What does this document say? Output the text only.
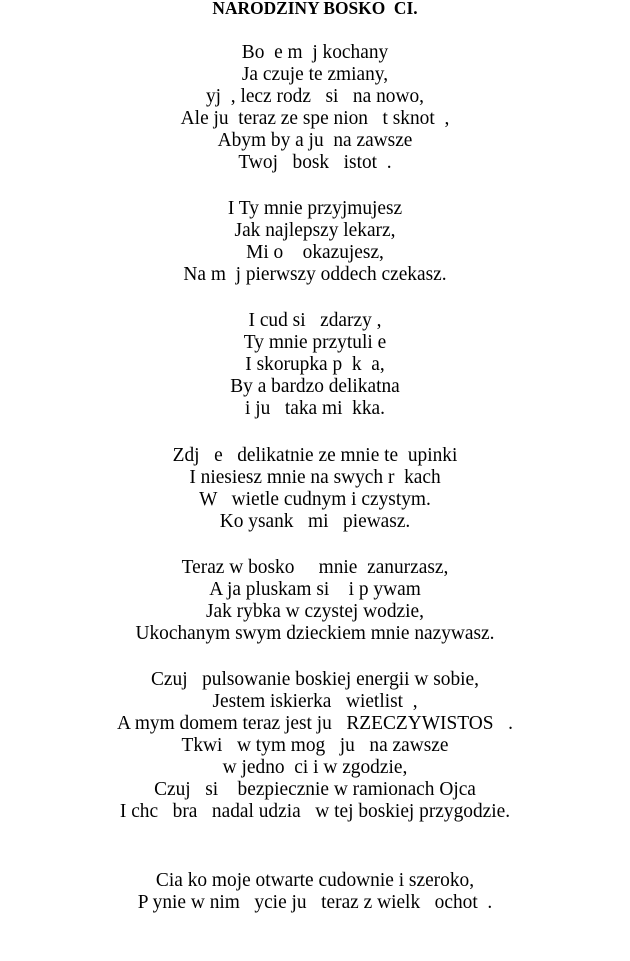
NARODZINY BOSKO  CI.
Bo  e m  j kochany
Ja czuje te zmiany,
yj  , lecz rodz   si   na nowo,
Ale ju  teraz ze spe nion   t sknot  ,
Abym by a ju  na zawsze
Twoj   bosk   istot  .
I Ty mnie przyjmujesz
Jak najlepszy lekarz,
Mi o    okazujesz,
Na m  j pierwszy oddech czekasz.
I cud si   zdarzy ,
Ty mnie przytuli e
I skorupka p  k  a,
By a bardzo delikatna
i ju   taka mi  kka.
Zdj   e   delikatnie ze mnie te  upinki
I niesiesz mnie na swych r  kach
W   wietle cudnym i czystym.
Ko ysank   mi   piewasz.
Teraz w bosko     mnie  zanurzasz,
A ja pluskam si    i p ywam
Jak rybka w czystej wodzie,
Ukochanym swym dzieckiem mnie nazywasz.
Czuj   pulsowanie boskiej energii w sobie,
Jestem iskierka   wietlist  ,
A mym domem teraz jest ju   RZECZYWISTOS   .
Tkwi   w tym mog   ju   na zawsze
w jedno  ci i w zgodzie,
Czuj   si    bezpiecznie w ramionach Ojca
I chc   bra   nadal udzia   w tej boskiej przygodzie.
Cia ko moje otwarte cudownie i szeroko,
P ynie w nim   ycie ju   teraz z wielk   ochot  .
